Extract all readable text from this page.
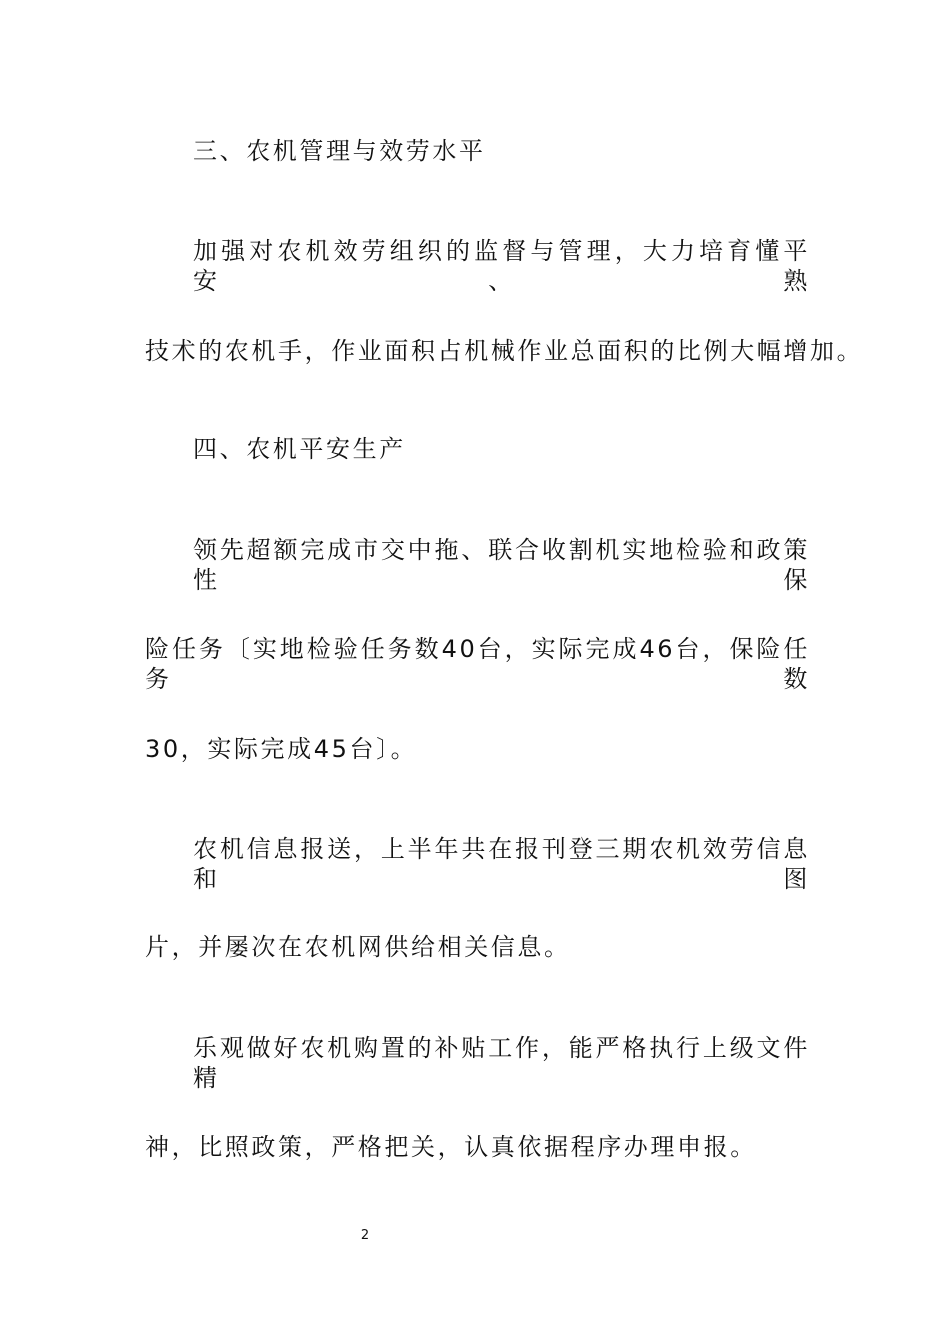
三、农机管理与效劳水平
加强对农机效劳组织的监督与管理，大力培育懂平安、熟
技术的农机手，作业面积占机械作业总面积的比例大幅增加。
四、农机平安生产
领先超额完成市交中拖、联合收割机实地检验和政策性保
险任务〔实地检验任务数40台，实际完成46台，保险任务数
30，实际完成45台〕。
农机信息报送，上半年共在报刊登三期农机效劳信息和图
片，并屡次在农机网供给相关信息。
乐观做好农机购置的补贴工作，能严格执行上级文件精
神，比照政策，严格把关，认真依据程序办理申报。
2
